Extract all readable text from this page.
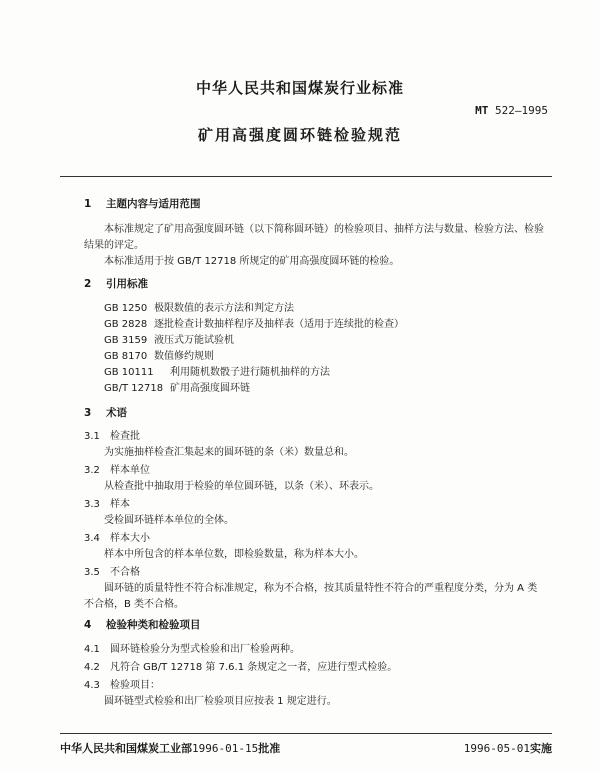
中华人民共和国煤炭行业标准
MT 522—1995
矿用高强度圆环链检验规范
1 主题内容与适用范围
本标准规定了矿用高强度圆环链（以下简称圆环链）的检验项目、抽样方法与数量、检验方法、检验
结果的评定。
本标准适用于按 GB/T 12718 所规定的矿用高强度圆环链的检验。
2 引用标准
GB 1250 极限数值的表示方法和判定方法
GB 2828 逐批检查计数抽样程序及抽样表（适用于连续批的检查）
GB 3159 液压式万能试验机
GB 8170 数值修约规则
GB 10111 利用随机数骰子进行随机抽样的方法
GB/T 12718 矿用高强度圆环链
3 术语
3.1 检查批
为实施抽样检查汇集起来的圆环链的条（米）数量总和。
3.2 样本单位
从检查批中抽取用于检验的单位圆环链，以条（米）、环表示。
3.3 样本
受检圆环链样本单位的全体。
3.4 样本大小
样本中所包含的样本单位数，即检验数量，称为样本大小。
3.5 不合格
圆环链的质量特性不符合标准规定，称为不合格，按其质量特性不符合的严重程度分类，分为 A 类
不合格，B 类不合格。
4 检验种类和检验项目
4.1 圆环链检验分为型式检验和出厂检验两种。
4.2 凡符合 GB/T 12718 第 7.6.1 条规定之一者，应进行型式检验。
4.3 检验项目：
圆环链型式检验和出厂检验项目应按表 1 规定进行。
中华人民共和国煤炭工业部1996-01-15批准	1996-05-01实施
